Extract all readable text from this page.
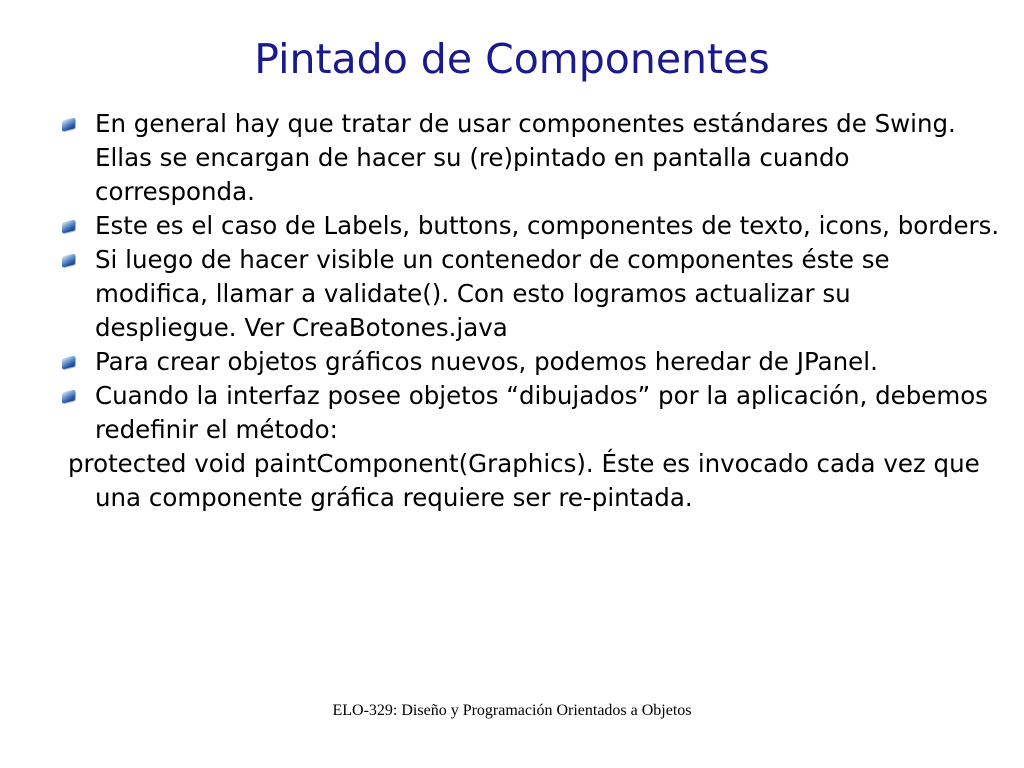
Pintado de Componentes
En general hay que tratar de usar componentes estándares de Swing. Ellas se encargan de hacer su (re)pintado en pantalla cuando corresponda.
Este es el caso de Labels, buttons, componentes de texto, icons, borders.
Si luego de hacer visible un contenedor de componentes éste se modifica, llamar a validate(). Con esto logramos actualizar su despliegue. Ver CreaBotones.java
Para crear objetos gráficos nuevos, podemos heredar de JPanel.
Cuando la interfaz posee objetos “dibujados” por la aplicación, debemos redefinir el método:

protected void paintComponent(Graphics). Éste es invocado cada vez que una componente gráfica requiere ser re-pintada.

ELO-329: Diseño y Programación Orientados a Objetos
